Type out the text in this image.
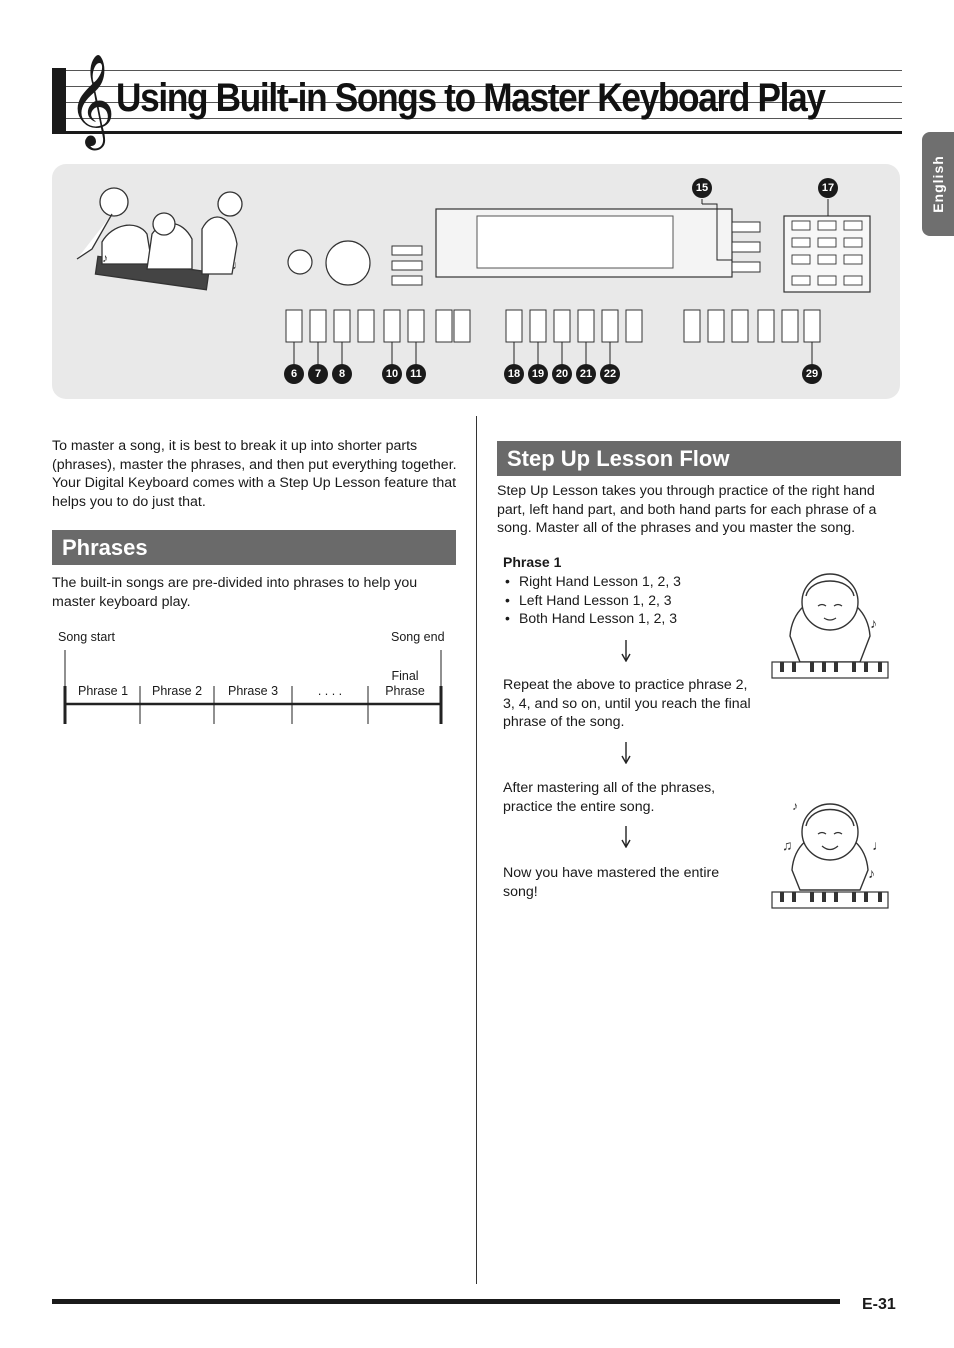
𝄞 Using Built-in Songs to Master Keyboard Play
English
♪	♩
15	17
6	7	8	10	11	18	19	20	21	22	29
To master a song, it is best to break it up into shorter parts (phrases), master the phrases, and then put everything together. Your Digital Keyboard comes with a Step Up Lesson feature that helps you to do just that.
Phrases
The built-in songs are pre-divided into phrases to help you master keyboard play.
Song start	Song end
Phrase 1	Phrase 2	Phrase 3	. . . .
Final Phrase
Step Up Lesson Flow
Step Up Lesson takes you through practice of the right hand part, left hand part, and both hand parts for each phrase of a song. Master all of the phrases and you master the song.
Phrase 1
• Right Hand Lesson 1, 2, 3
• Left Hand Lesson 1, 2, 3
• Both Hand Lesson 1, 2, 3
Repeat the above to practice phrase 2, 3, 4, and so on, until you reach the final phrase of the song.
After mastering all of the phrases, practice the entire song.
Now you have mastered the entire song!
♪
♫	♩
♪
♪
E-31
